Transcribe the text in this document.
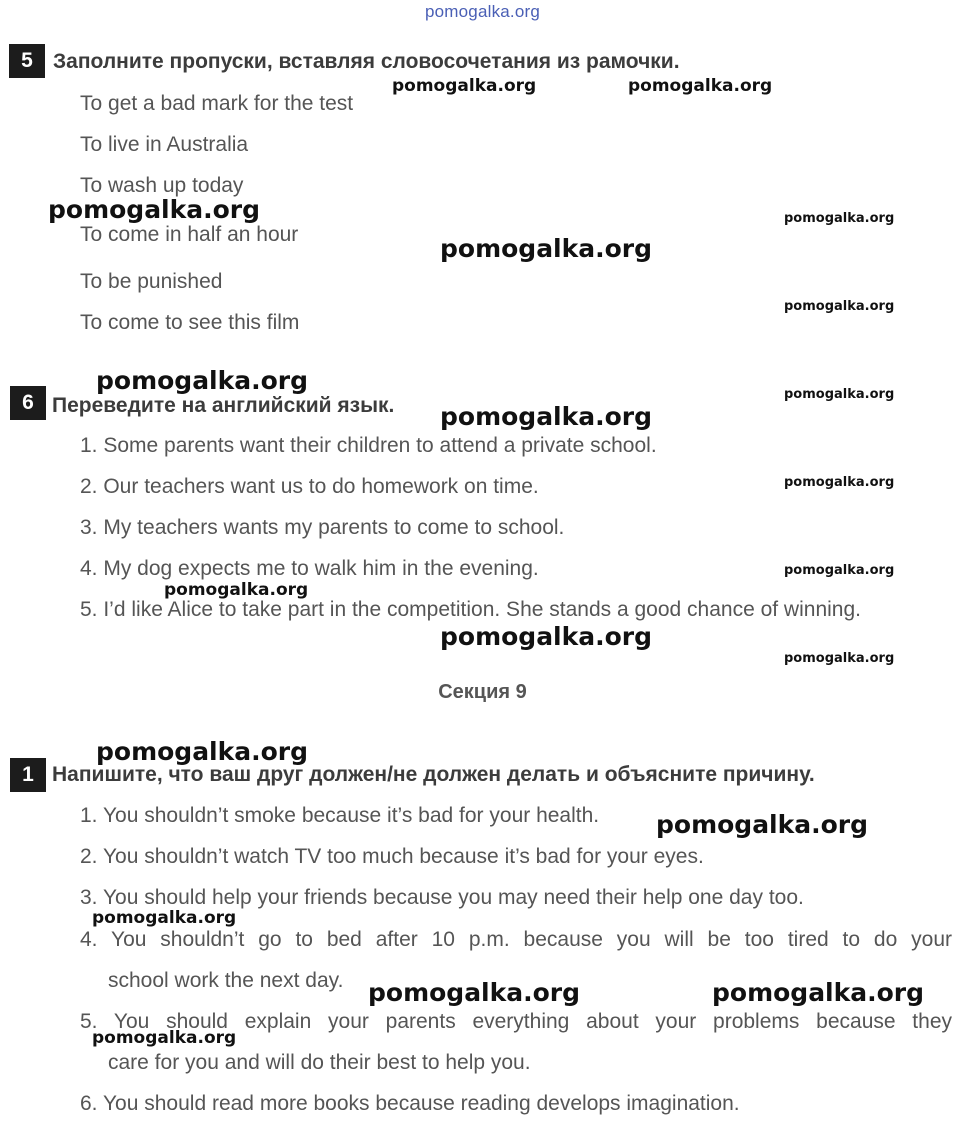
pomogalka.org
5 Заполните пропуски, вставляя словосочетания из рамочки.
To get a bad mark for the test
To live in Australia
To wash up today
To come in half an hour
To be punished
To come to see this film
6 Переведите на английский язык.
1. Some parents want their children to attend a private school.
2. Our teachers want us to do homework on time.
3. My teachers wants my parents to come to school.
4. My dog expects me to walk him in the evening.
5. I’d like Alice to take part in the competition. She stands a good chance of winning.
Секция 9
1 Напишите, что ваш друг должен/не должен делать и объясните причину.
1. You shouldn’t smoke because it’s bad for your health.
2. You shouldn’t watch TV too much because it’s bad for your eyes.
3. You should help your friends because you may need their help one day too.
4. You shouldn’t go to bed after 10 p.m. because you will be too tired to do your
school work the next day.
5. You should explain your parents everything about your problems because they
care for you and will do their best to help you.
6. You should read more books because reading develops imagination.
pomogalka.org	pomogalka.org
pomogalka.org	pomogalka.org
pomogalka.org
pomogalka.org
pomogalka.org	pomogalka.org
pomogalka.org
pomogalka.org
pomogalka.org
pomogalka.org
pomogalka.org
pomogalka.org
pomogalka.org
pomogalka.org
pomogalka.org
pomogalka.org	pomogalka.org
pomogalka.org
